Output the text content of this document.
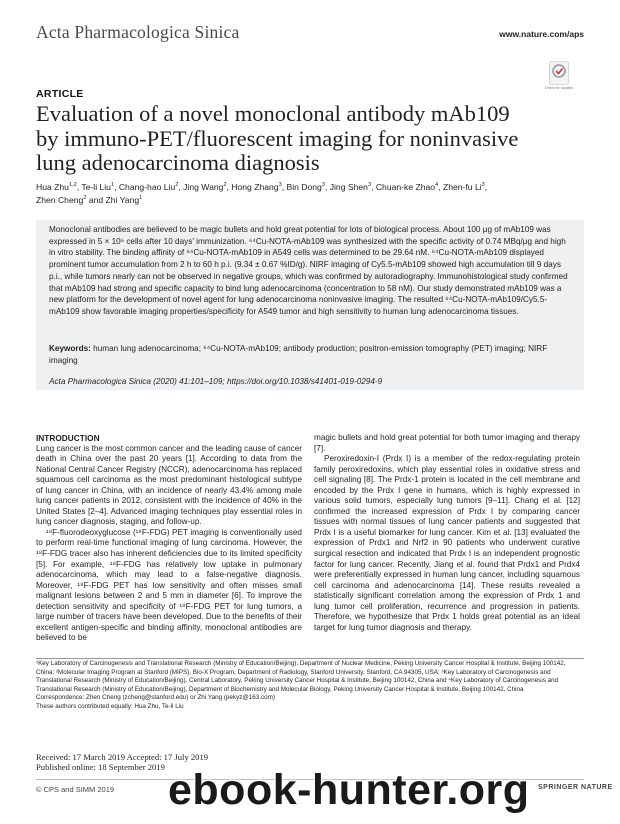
Acta Pharmacologica Sinica	www.nature.com/aps
Check for updates
ARTICLE
Evaluation of a novel monoclonal antibody mAb109 by immuno-PET/fluorescent imaging for noninvasive lung adenocarcinoma diagnosis
Hua Zhu$^{1,2}$, Te-li Liu$^1$, Chang-hao Liu$^2$, Jing Wang$^2$, Hong Zhang$^3$, Bin Dong$^3$, Jing Shen$^3$, Chuan-ke Zhao$^4$, Zhen-fu Li$^3$,
Zhen Cheng$^2$ and Zhi Yang$^1$
Monoclonal antibodies are believed to be magic bullets and hold great potential for lots of biological process. About 100 μg of mAb109 was expressed in 5 × 10⁶ cells after 10 days' immunization. ⁶⁴Cu-NOTA-mAb109 was synthesized with the specific activity of 0.74 MBq/μg and high in vitro stability. The binding affinity of ⁶⁴Cu-NOTA-mAb109 in A549 cells was determined to be 29.64 nM. ⁶⁴Cu-NOTA-mAb109 displayed prominent tumor accumulation from 2 h to 60 h p.i. (9.34 ± 0.67 %ID/g). NIRF imaging of Cy5.5-mAb109 showed high accumulation till 9 days p.i., while tumors nearly can not be observed in negative groups, which was confirmed by autoradiography. Immunohistological study confirmed that mAb109 had strong and specific capacity to bind lung adenocarcinoma (concentration to 58 nM). Our study demonstrated mAb109 was a new platform for the development of novel agent for lung adenocarcinoma noninvasive imaging. The resulted ⁶⁴Cu-NOTA-mAb109/Cy5.5-mAb109 show favorable imaging properties/specificity for A549 tumor and high sensitivity to human lung adenocarcinoma tissues.
Keywords: human lung adenocarcinoma; ⁶⁴Cu-NOTA-mAb109; antibody production; positron-emission tomography (PET) imaging; NIRF imaging
Acta Pharmacologica Sinica (2020) 41:101–109; https://doi.org/10.1038/s41401-019-0294-9

INTRODUCTION

Lung cancer is the most common cancer and the leading cause of cancer death in China over the past 20 years [1]. According to data from the National Central Cancer Registry (NCCR), adenocarcinoma has replaced squamous cell carcinoma as the most predominant histological subtype of lung cancer in China, with an incidence of nearly 43.4% among male lung cancer patients in 2012, consistent with the incidence of 40% in the United States [2–4]. Advanced imaging techniques play essential roles in lung cancer diagnosis, staging, and follow-up.

¹⁸F-fluorodeoxyglucose (¹⁸F-FDG) PET imaging is conventionally used to perform real-time functional imaging of lung carcinoma. However, the ¹⁸F-FDG tracer also has inherent deficiencies due to its limited specificity [5]. For example, ¹⁸F-FDG has relatively low uptake in pulmonary adenocarcinoma, which may lead to a false-negative diagnosis. Moreover, ¹⁸F-FDG PET has low sensitivity and often misses small malignant lesions between 2 and 5 mm in diameter [6]. To improve the detection sensitivity and specificity of ¹⁸F-FDG PET for lung tumors, a large number of tracers have been developed. Due to the benefits of their excellent antigen-specific and binding affinity, monoclonal antibodies are believed to be

magic bullets and hold great potential for both tumor imaging and therapy [7].

Peroxiredoxin-I (Prdx I) is a member of the redox-regulating protein family peroxiredoxins, which play essential roles in oxidative stress and cell signaling [8]. The Prdx-1 protein is located in the cell membrane and encoded by the Prdx I gene in humans, which is highly expressed in various solid tumors, especially lung tumors [9–11]. Chang et al. [12] confirmed the increased expression of Prdx I by comparing cancer tissues with normal tissues of lung cancer patients and suggested that Prdx I is a useful biomarker for lung cancer. Kim et al. [13] evaluated the expression of Prdx1 and Nrf2 in 90 patients who underwent curative surgical resection and indicated that Prdx I is an independent prognostic factor for lung cancer. Recently, Jiang et al. found that Prdx1 and Prdx4 were preferentially expressed in human lung cancer, including squamous cell carcinoma and adenocarcinoma [14]. These results revealed a statistically significant correlation among the expression of Prdx 1 and lung tumor cell proliferation, recurrence and progression in patients. Therefore, we hypothesize that Prdx 1 holds great potential as an ideal target for lung tumor diagnosis and therapy.

¹Key Laboratory of Carcinogenesis and Translational Research (Ministry of Education/Beijing), Department of Nuclear Medicine, Peking University Cancer Hospital & Institute, Beijing 100142, China; ²Molecular Imaging Program at Stanford (MIPS), Bio-X Program, Department of Radiology, Stanford University, Stanford, CA 94305, USA; ³Key Laboratory of Carcinogenesis and Translational Research (Ministry of Education/Beijing), Central Laboratory, Peking University Cancer Hospital & Institute, Beijing 100142, China and ⁴Key Laboratory of Carcinogenesis and Translational Research (Ministry of Education/Beijing), Department of Biochemistry and Molecular Biology, Peking University Cancer Hospital & Institute, Beijing 100142, China
Correspondence: Zhen Cheng (zcheng@stanford.edu) or Zhi Yang (pekyz@163.com)
These authors contributed equally: Hua Zhu, Te-li Liu
Received: 17 March 2019 Accepted: 17 July 2019
Published online: 18 September 2019
© CPS and SIMM 2019	SPRINGER NATURE
ebook-hunter.org
